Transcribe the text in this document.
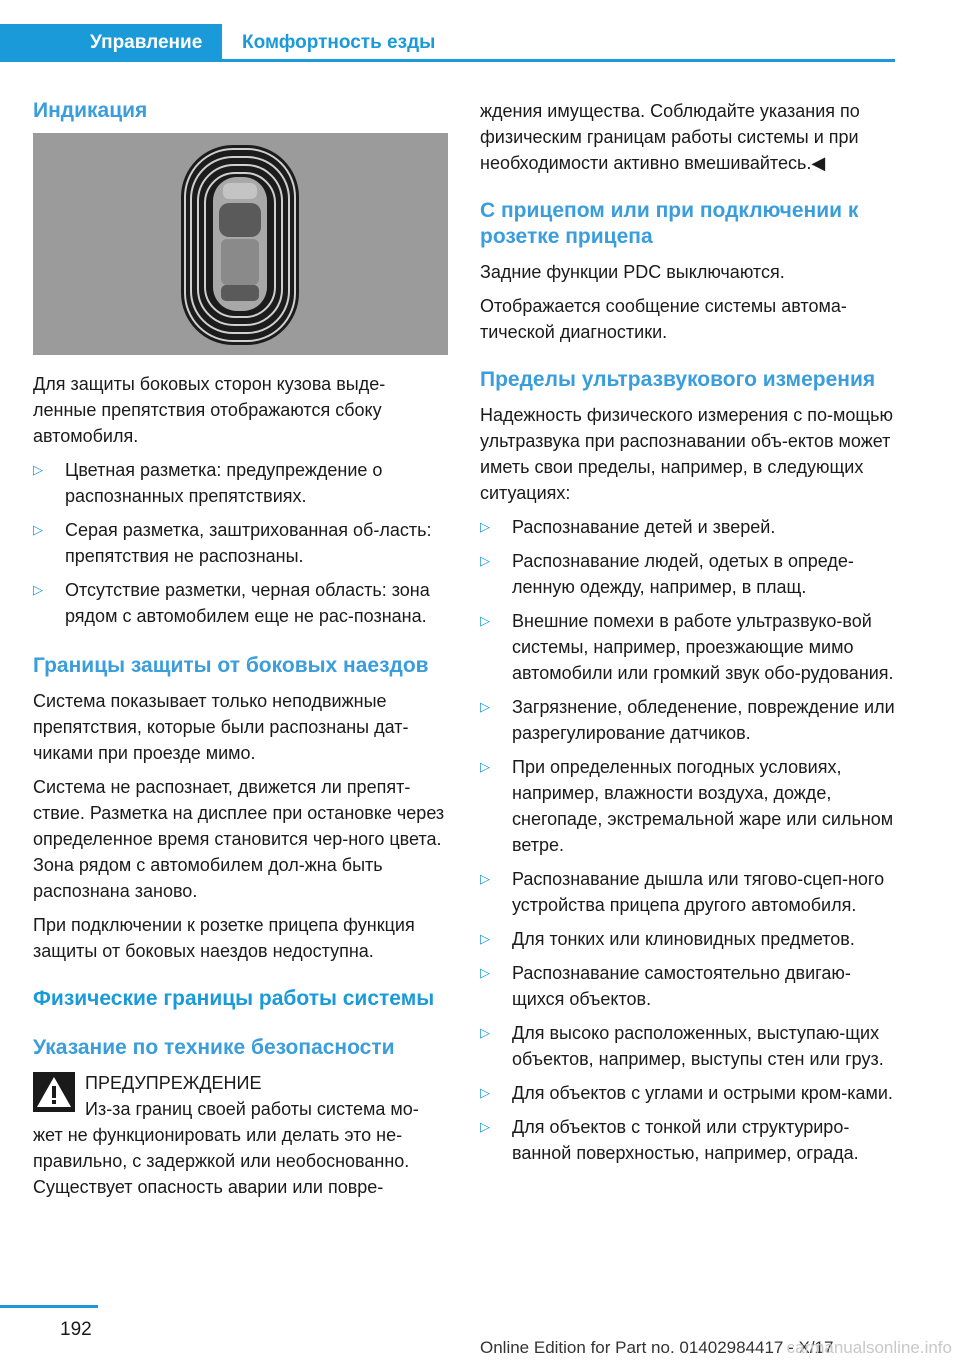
Управление	Комфортность езды
Индикация

Для защиты боковых сторон кузова выде-ленные препятствия отображаются сбоку автомобиля.

▷ Цветная разметка: предупреждение о распознанных препятствиях.
▷ Серая разметка, заштрихованная об-ласть: препятствия не распознаны.
▷ Отсутствие разметки, черная область: зона рядом с автомобилем еще не рас-познана.
Границы защиты от боковых наездов

Система показывает только неподвижные препятствия, которые были распознаны дат-чиками при проезде мимо.

Система не распознает, движется ли препят-ствие. Разметка на дисплее при остановке через определенное время становится чер-ного цвета. Зона рядом с автомобилем дол-жна быть распознана заново.

При подключении к розетке прицепа функция защиты от боковых наездов недоступна.

Физические границы работы системы
Указание по технике безопасности
ПРЕДУПРЕЖДЕНИЕ
Из-за границ своей работы система мо-

жет не функционировать или делать это не-правильно, с задержкой или необоснованно. Существует опасность аварии или повре-

ждения имущества. Соблюдайте указания по физическим границам работы системы и при необходимости активно вмешивайтесь.◀

С прицепом или при подключении к розетке прицепа

Задние функции PDC выключаются.

Отображается сообщение системы автома-тической диагностики.

Пределы ультразвукового измерения

Надежность физического измерения с по-мощью ультразвука при распознавании объ-ектов может иметь свои пределы, например, в следующих ситуациях:

▷ Распознавание детей и зверей.
▷ Распознавание людей, одетых в опреде-ленную одежду, например, в плащ.
▷ Внешние помехи в работе ультразвуко-вой системы, например, проезжающие мимо автомобили или громкий звук обо-рудования.
▷ Загрязнение, обледенение, повреждение или разрегулирование датчиков.
▷ При определенных погодных условиях, например, влажности воздуха, дожде, снегопаде, экстремальной жаре или сильном ветре.
▷ Распознавание дышла или тягово-сцеп-ного устройства прицепа другого автомобиля.
▷ Для тонких или клиновидных предметов.
▷ Распознавание самостоятельно двигаю-щихся объектов.
▷ Для высоко расположенных, выступаю-щих объектов, например, выступы стен или груз.
▷ Для объектов с углами и острыми кром-ками.
▷ Для объектов с тонкой или структуриро-ванной поверхностью, например, ограда.
192
Online Edition for Part no. 01402984417 - X/17
carmanualsonline.info
